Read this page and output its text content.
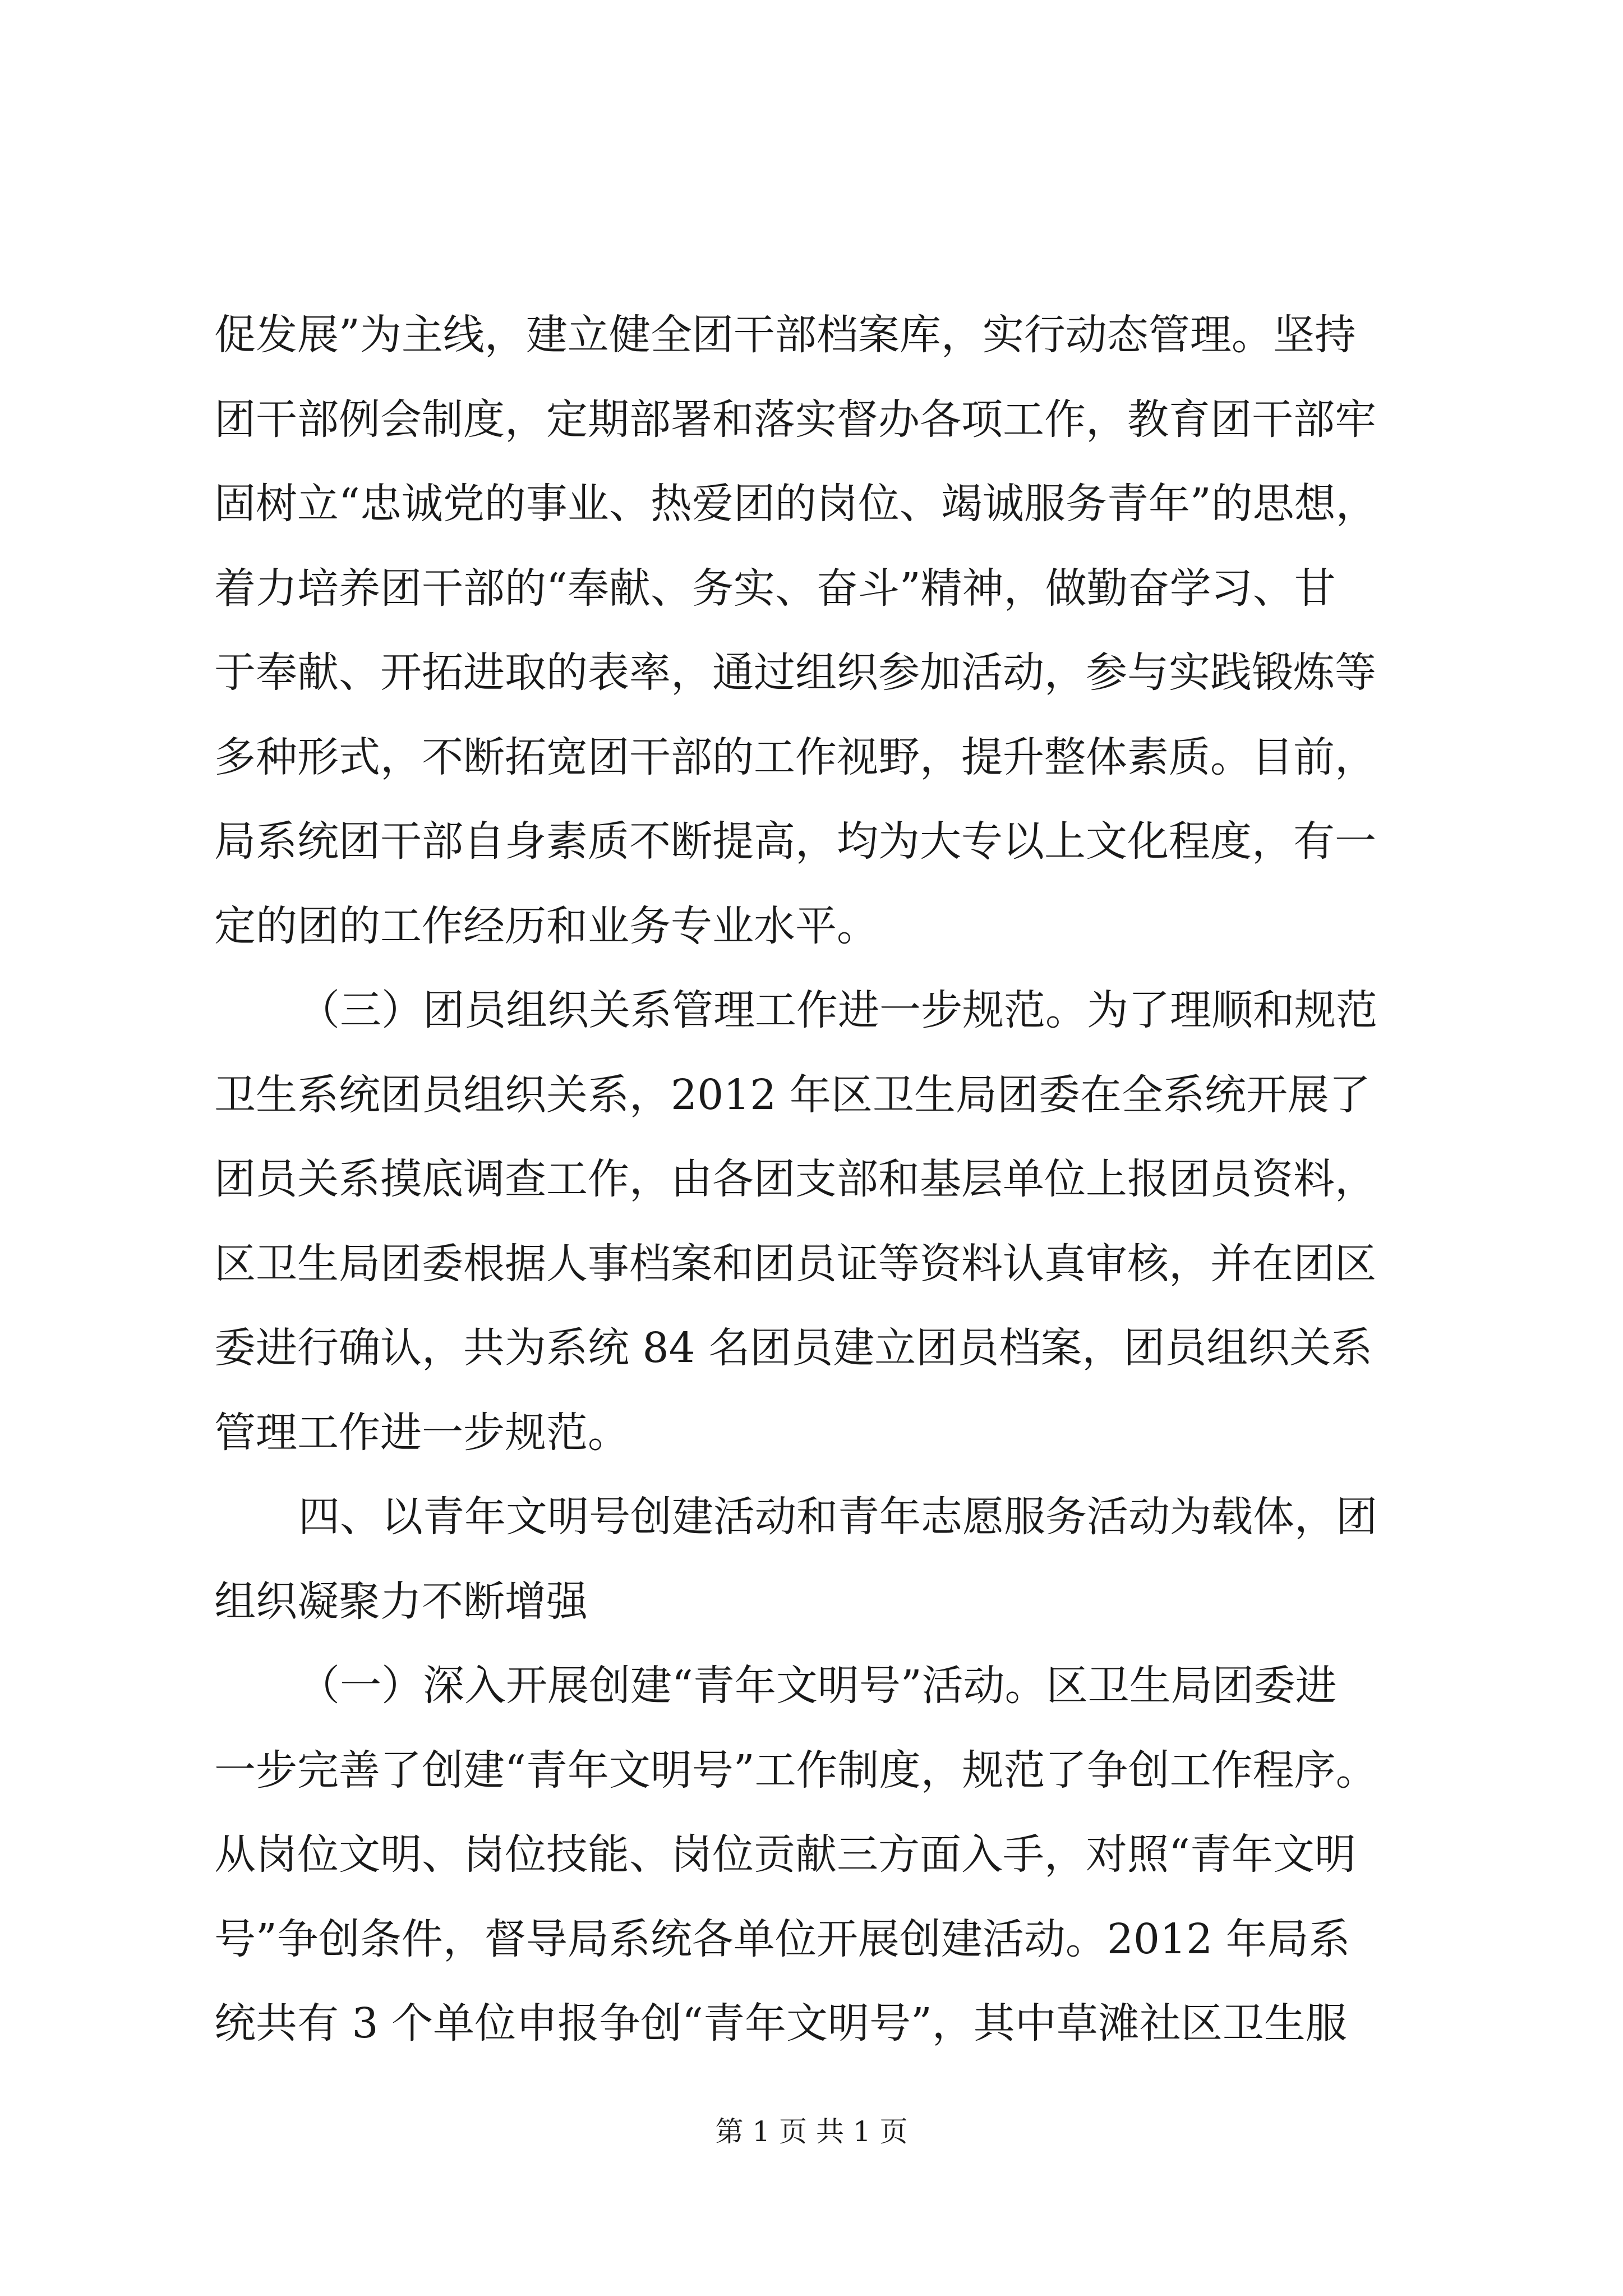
促发展”为主线，建立健全团干部档案库，实行动态管理。坚持
团干部例会制度，定期部署和落实督办各项工作，教育团干部牢
固树立“忠诚党的事业、热爱团的岗位、竭诚服务青年”的思想，
着力培养团干部的“奉献、务实、奋斗”精神，做勤奋学习、甘
于奉献、开拓进取的表率，通过组织参加活动，参与实践锻炼等
多种形式，不断拓宽团干部的工作视野，提升整体素质。目前，
局系统团干部自身素质不断提高，均为大专以上文化程度，有一
定的团的工作经历和业务专业水平。
（三）团员组织关系管理工作进一步规范。为了理顺和规范
卫生系统团员组织关系，2012 年区卫生局团委在全系统开展了
团员关系摸底调查工作，由各团支部和基层单位上报团员资料，
区卫生局团委根据人事档案和团员证等资料认真审核，并在团区
委进行确认，共为系统 84 名团员建立团员档案，团员组织关系
管理工作进一步规范。
四、以青年文明号创建活动和青年志愿服务活动为载体，团
组织凝聚力不断增强
（一）深入开展创建“青年文明号”活动。区卫生局团委进
一步完善了创建“青年文明号”工作制度，规范了争创工作程序。
从岗位文明、岗位技能、岗位贡献三方面入手，对照“青年文明
号”争创条件，督导局系统各单位开展创建活动。2012 年局系
统共有 3 个单位申报争创“青年文明号”，其中草滩社区卫生服
第 1 页 共 1 页
